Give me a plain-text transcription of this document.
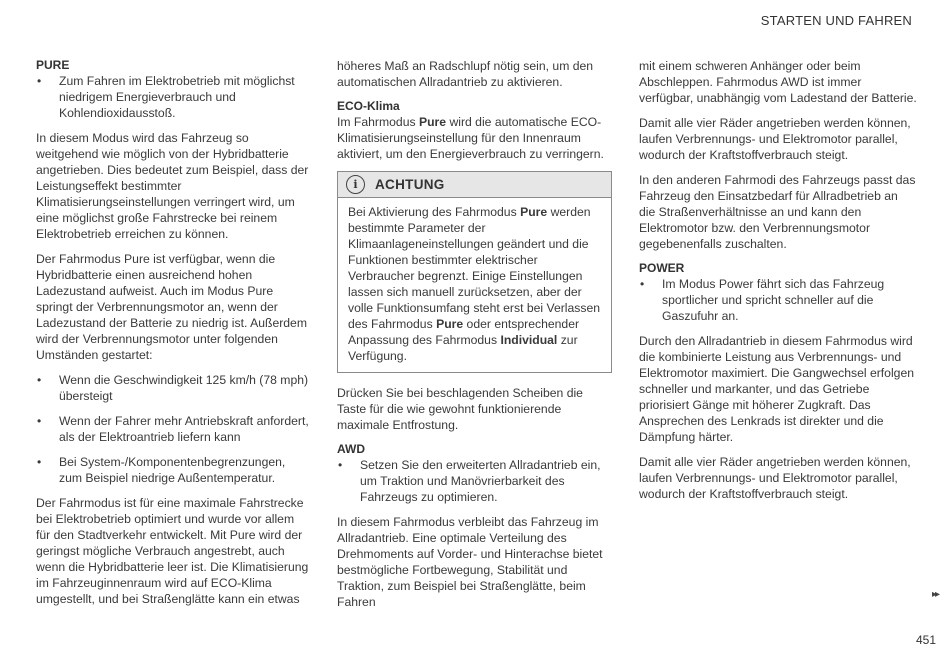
STARTEN UND FAHREN
PURE
• Zum Fahren im Elektrobetrieb mit möglichst niedrigem Energieverbrauch und Kohlendioxidausstoß.

In diesem Modus wird das Fahrzeug so weitgehend wie möglich von der Hybridbatterie angetrieben. Dies bedeutet zum Beispiel, dass der Leistungseffekt bestimmter Klimatisierungseinstellungen verringert wird, um eine möglichst große Fahrstrecke bei reinem Elektrobetrieb erreichen zu können.

Der Fahrmodus Pure ist verfügbar, wenn die Hybridbatterie einen ausreichend hohen Ladezustand aufweist. Auch im Modus Pure springt der Verbrennungsmotor an, wenn der Ladezustand der Batterie zu niedrig ist. Außerdem wird der Verbrennungsmotor unter folgenden Umständen gestartet:

• Wenn die Geschwindigkeit 125 km/h (78 mph) übersteigt
• Wenn der Fahrer mehr Antriebskraft anfordert, als der Elektroantrieb liefern kann
• Bei System-/Komponentenbegrenzungen, zum Beispiel niedrige Außentemperatur.

Der Fahrmodus ist für eine maximale Fahrstrecke bei Elektrobetrieb optimiert und wurde vor allem für den Stadtverkehr entwickelt. Mit Pure wird der geringst mögliche Verbrauch angestrebt, auch wenn die Hybridbatterie leer ist. Die Klimatisierung im Fahrzeuginnenraum wird auf ECO-Klima umgestellt, und bei Straßenglätte kann ein etwas

höheres Maß an Radschlupf nötig sein, um den automatischen Allradantrieb zu aktivieren.

ECO-Klima

Im Fahrmodus Pure wird die automatische ECO-Klimatisierungseinstellung für den Innenraum aktiviert, um den Energieverbrauch zu verringern.

i	ACHTUNG

Bei Aktivierung des Fahrmodus Pure werden bestimmte Parameter der Klimaanlageneinstellungen geändert und die Funktionen bestimmter elektrischer Verbraucher begrenzt. Einige Einstellungen lassen sich manuell zurücksetzen, aber der volle Funktionsumfang steht erst bei Verlassen des Fahrmodus Pure oder entsprechender Anpassung des Fahrmodus Individual zur Verfügung.

Drücken Sie bei beschlagenden Scheiben die Taste für die wie gewohnt funktionierende maximale Entfrostung.

AWD
• Setzen Sie den erweiterten Allradantrieb ein, um Traktion und Manövrierbarkeit des Fahrzeugs zu optimieren.

In diesem Fahrmodus verbleibt das Fahrzeug im Allradantrieb. Eine optimale Verteilung des Drehmoments auf Vorder- und Hinterachse bietet bestmögliche Fortbewegung, Stabilität und Traktion, zum Beispiel bei Straßenglätte, beim Fahren

mit einem schweren Anhänger oder beim Abschleppen. Fahrmodus AWD ist immer verfügbar, unabhängig vom Ladestand der Batterie.

Damit alle vier Räder angetrieben werden können, laufen Verbrennungs- und Elektromotor parallel, wodurch der Kraftstoffverbrauch steigt.

In den anderen Fahrmodi des Fahrzeugs passt das Fahrzeug den Einsatzbedarf für Allradbetrieb an die Straßenverhältnisse an und kann den Elektromotor bzw. den Verbrennungsmotor gegebenenfalls zuschalten.

POWER
• Im Modus Power fährt sich das Fahrzeug sportlicher und spricht schneller auf die Gaszufuhr an.

Durch den Allradantrieb in diesem Fahrmodus wird die kombinierte Leistung aus Verbrennungs- und Elektromotor maximiert. Die Gangwechsel erfolgen schneller und markanter, und das Getriebe priorisiert Gänge mit höherer Zugkraft. Das Ansprechen des Lenkrads ist direkter und die Dämpfung härter.

Damit alle vier Räder angetrieben werden können, laufen Verbrennungs- und Elektromotor parallel, wodurch der Kraftstoffverbrauch steigt.

▸▸
451
